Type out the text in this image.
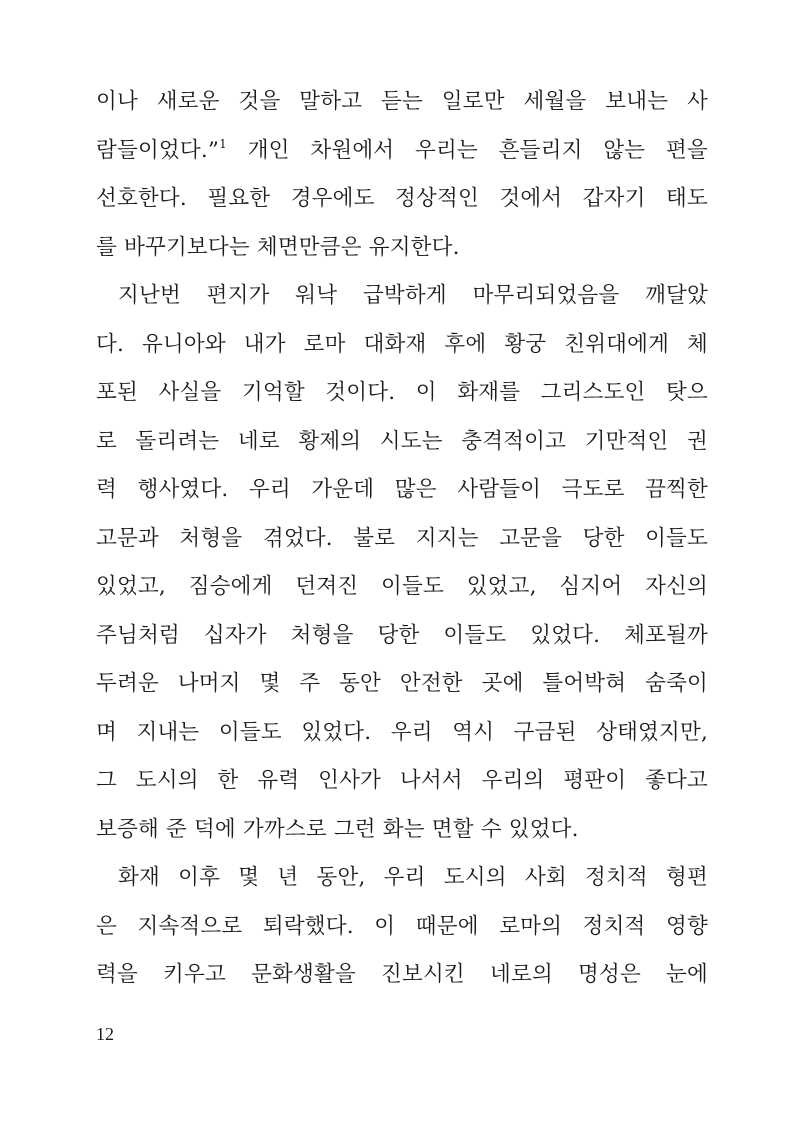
이나 새로운 것을 말하고 듣는 일로만 세월을 보내는 사
람들이었다.”$^1$ 개인 차원에서 우리는 흔들리지 않는 편을
선호한다. 필요한 경우에도 정상적인 것에서 갑자기 태도
를 바꾸기보다는 체면만큼은 유지한다.
지난번 편지가 워낙 급박하게 마무리되었음을 깨달았
다. 유니아와 내가 로마 대화재 후에 황궁 친위대에게 체
포된 사실을 기억할 것이다. 이 화재를 그리스도인 탓으
로 돌리려는 네로 황제의 시도는 충격적이고 기만적인 권
력 행사였다. 우리 가운데 많은 사람들이 극도로 끔찍한
고문과 처형을 겪었다. 불로 지지는 고문을 당한 이들도
있었고, 짐승에게 던져진 이들도 있었고, 심지어 자신의
주님처럼 십자가 처형을 당한 이들도 있었다. 체포될까
두려운 나머지 몇 주 동안 안전한 곳에 틀어박혀 숨죽이
며 지내는 이들도 있었다. 우리 역시 구금된 상태였지만,
그 도시의 한 유력 인사가 나서서 우리의 평판이 좋다고
보증해 준 덕에 가까스로 그런 화는 면할 수 있었다.
화재 이후 몇 년 동안, 우리 도시의 사회 정치적 형편
은 지속적으로 퇴락했다. 이 때문에 로마의 정치적 영향
력을 키우고 문화생활을 진보시킨 네로의 명성은 눈에
12
